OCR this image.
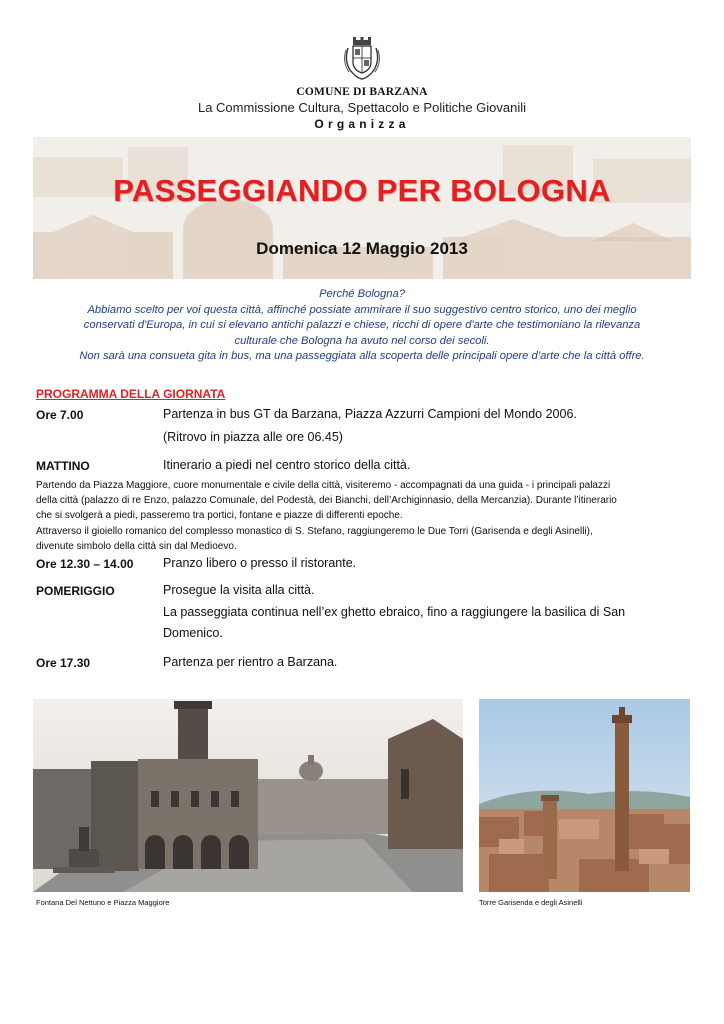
COMUNE DI BARZANA
La Commissione Cultura, Spettacolo e Politiche Giovanili
Organizza
PASSEGGIANDO PER BOLOGNA
Domenica 12 Maggio 2013

Perché Bologna?

Abbiamo scelto per voi questa città, affinché possiate ammirare il suo suggestivo centro storico, uno dei meglio

conservati d'Europa, in cui si elevano antichi palazzi e chiese, ricchi di opere d'arte che testimoniano la rilevanza

culturale che Bologna ha avuto nel corso dei secoli.

Non sarà una consueta gita in bus, ma una passeggiata alla scoperta delle principali opere d’arte che la città offre.

PROGRAMMA DELLA GIORNATA
Ore 7.00	Partenza in bus GT da Barzana, Piazza Azzurri Campioni del Mondo 2006.
(Ritrovo in piazza alle ore 06.45)
MATTINO	Itinerario a piedi nel centro storico della città.
Partendo da Piazza Maggiore, cuore monumentale e civile della città, visiteremo - accompagnati da una guida - i principali palazzi
della città (palazzo di re Enzo, palazzo Comunale, del Podestà, dei Bianchi, dell’Archiginnasio, della Mercanzia). Durante l’itinerario
che si svolgerà a piedi, passeremo tra portici, fontane e piazze di differenti epoche.
Attraverso il gioiello romanico del complesso monastico di S. Stefano, raggiungeremo le Due Torri (Garisenda e degli Asinelli),
divenute simbolo della città sin dal Medioevo.
Ore 12.30 – 14.00 Pranzo libero o presso il ristorante.
POMERIGGIO	Prosegue la visita alla città.
La passeggiata continua nell’ex ghetto ebraico, fino a raggiungere la basilica di San
Domenico.
Ore 17.30	Partenza per rientro a Barzana.
Fontana Del Nettuno e Piazza Maggiore	Torre Garisenda e degli Asinelli
